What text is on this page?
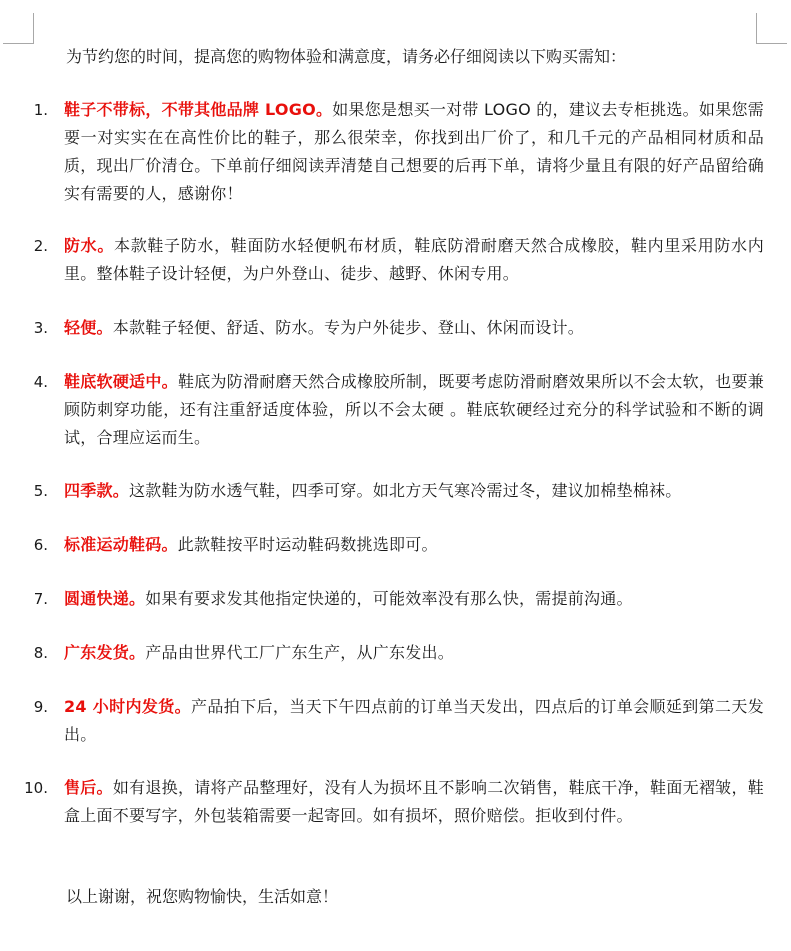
为节约您的时间，提高您的购物体验和满意度，请务必仔细阅读以下购买需知：
1. 鞋子不带标，不带其他品牌 LOGO。如果您是想买一对带 LOGO 的，建议去专柜挑选。如果您需要一对实实在在高性价比的鞋子，那么很荣幸，你找到出厂价了，和几千元的产品相同材质和品质，现出厂价清仓。下单前仔细阅读弄清楚自己想要的后再下单，请将少量且有限的好产品留给确实有需要的人，感谢你！
2. 防水。本款鞋子防水，鞋面防水轻便帆布材质，鞋底防滑耐磨天然合成橡胶，鞋内里采用防水内里。整体鞋子设计轻便，为户外登山、徒步、越野、休闲专用。
3. 轻便。本款鞋子轻便、舒适、防水。专为户外徒步、登山、休闲而设计。
4. 鞋底软硬适中。鞋底为防滑耐磨天然合成橡胶所制，既要考虑防滑耐磨效果所以不会太软，也要兼顾防刺穿功能，还有注重舒适度体验，所以不会太硬 。鞋底软硬经过充分的科学试验和不断的调试，合理应运而生。
5. 四季款。这款鞋为防水透气鞋，四季可穿。如北方天气寒冷需过冬，建议加棉垫棉袜。
6. 标准运动鞋码。此款鞋按平时运动鞋码数挑选即可。
7. 圆通快递。如果有要求发其他指定快递的，可能效率没有那么快，需提前沟通。
8. 广东发货。产品由世界代工厂广东生产，从广东发出。
9. 24 小时内发货。产品拍下后，当天下午四点前的订单当天发出，四点后的订单会顺延到第二天发出。
10. 售后。如有退换，请将产品整理好，没有人为损坏且不影响二次销售，鞋底干净，鞋面无褶皱，鞋盒上面不要写字，外包装箱需要一起寄回。如有损坏，照价赔偿。拒收到付件。
以上谢谢，祝您购物愉快，生活如意！
